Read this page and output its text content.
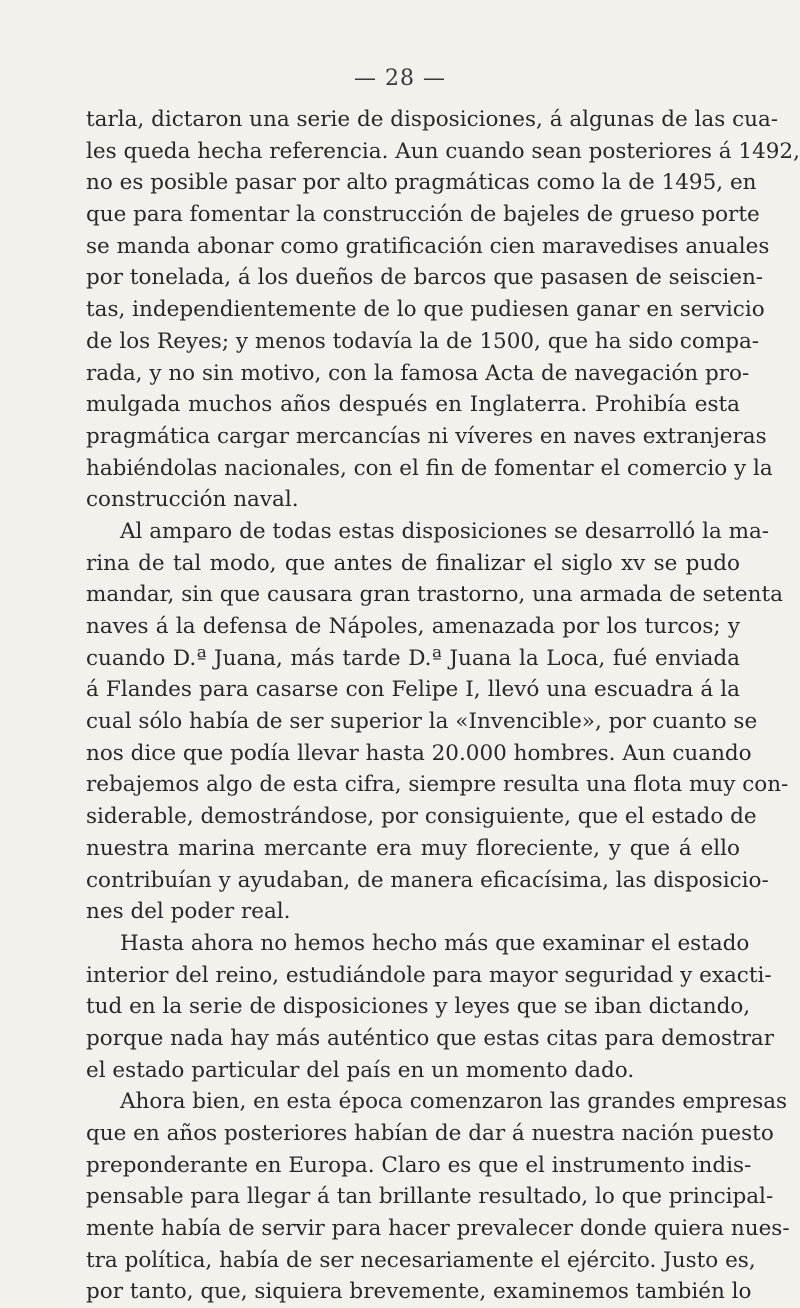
— 28 —
tarla, dictaron una serie de disposiciones, á algunas de las cua-
les queda hecha referencia. Aun cuando sean posteriores á 1492,
no es posible pasar por alto pragmáticas como la de 1495, en
que para fomentar la construcción de bajeles de grueso porte
se manda abonar como gratificación cien maravedises anuales
por tonelada, á los dueños de barcos que pasasen de seiscien-
tas, independientemente de lo que pudiesen ganar en servicio
de los Reyes; y menos todavía la de 1500, que ha sido compa-
rada, y no sin motivo, con la famosa Acta de navegación pro-
mulgada muchos años después en Inglaterra. Prohibía esta
pragmática cargar mercancías ni víveres en naves extranjeras
habiéndolas nacionales, con el fin de fomentar el comercio y la
construcción naval.
Al amparo de todas estas disposiciones se desarrolló la ma-
rina de tal modo, que antes de finalizar el siglo xv se pudo
mandar, sin que causara gran trastorno, una armada de setenta
naves á la defensa de Nápoles, amenazada por los turcos; y
cuando D.ª Juana, más tarde D.ª Juana la Loca, fué enviada
á Flandes para casarse con Felipe I, llevó una escuadra á la
cual sólo había de ser superior la «Invencible», por cuanto se
nos dice que podía llevar hasta 20.000 hombres. Aun cuando
rebajemos algo de esta cifra, siempre resulta una flota muy con-
siderable, demostrándose, por consiguiente, que el estado de
nuestra marina mercante era muy floreciente, y que á ello
contribuían y ayudaban, de manera eficacísima, las disposicio-
nes del poder real.
Hasta ahora no hemos hecho más que examinar el estado
interior del reino, estudiándole para mayor seguridad y exacti-
tud en la serie de disposiciones y leyes que se iban dictando,
porque nada hay más auténtico que estas citas para demostrar
el estado particular del país en un momento dado.
Ahora bien, en esta época comenzaron las grandes empresas
que en años posteriores habían de dar á nuestra nación puesto
preponderante en Europa. Claro es que el instrumento indis-
pensable para llegar á tan brillante resultado, lo que principal-
mente había de servir para hacer prevalecer donde quiera nues-
tra política, había de ser necesariamente el ejército. Justo es,
por tanto, que, siquiera brevemente, examinemos también lo
